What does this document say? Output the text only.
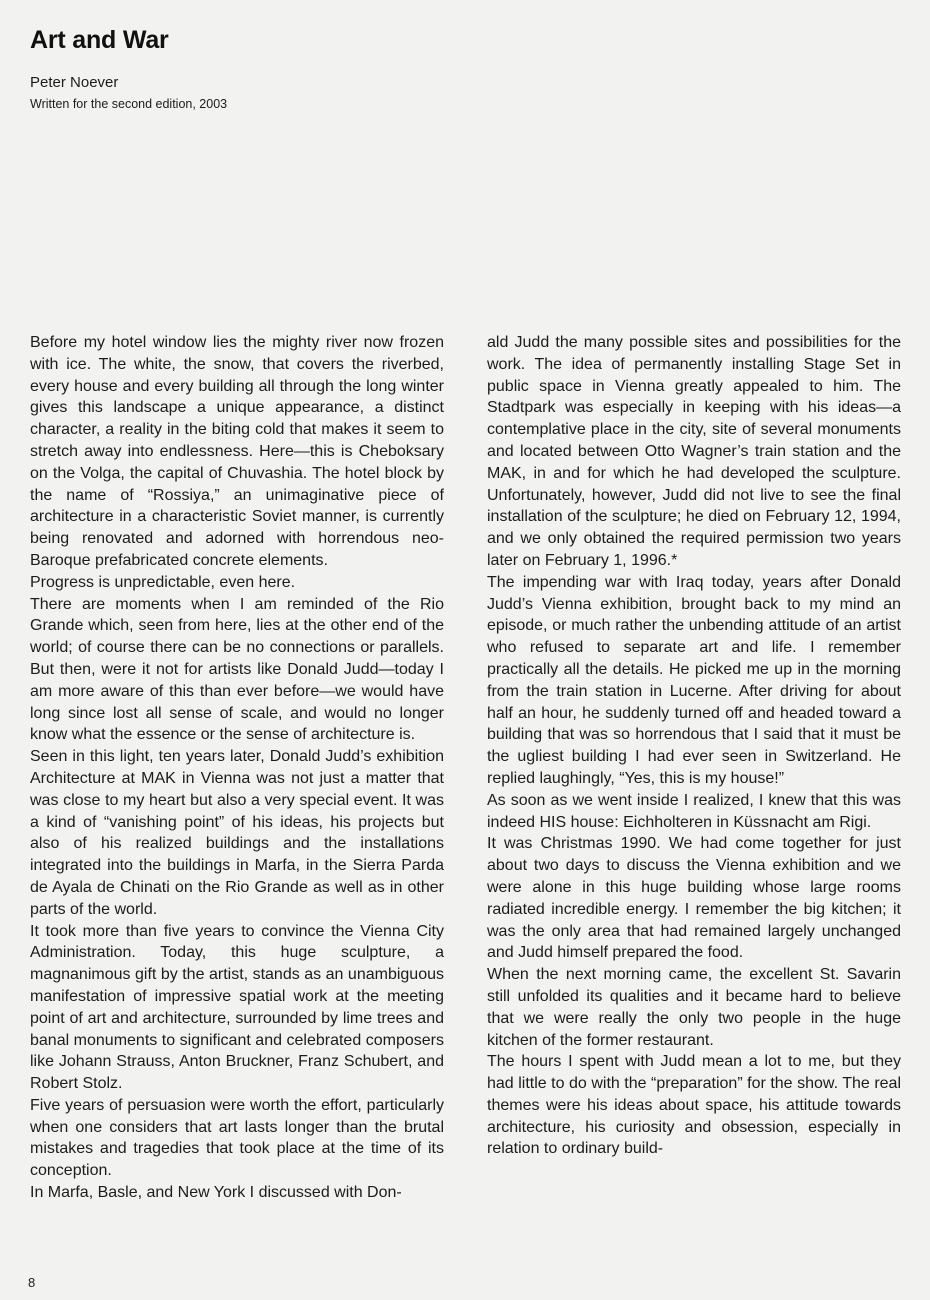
Art and War
Peter Noever
Written for the second edition, 2003

Before my hotel window lies the mighty river now frozen with ice. The white, the snow, that covers the riverbed, every house and every building all through the long winter gives this landscape a unique appearance, a distinct character, a reality in the biting cold that makes it seem to stretch away into endlessness. Here—this is Cheboksary on the Volga, the capital of Chuvashia. The hotel block by the name of “Rossiya,” an unimaginative piece of architecture in a characteristic Soviet manner, is currently being renovated and adorned with horrendous neo-Baroque prefabricated concrete elements.

Progress is unpredictable, even here.

There are moments when I am reminded of the Rio Grande which, seen from here, lies at the other end of the world; of course there can be no connections or parallels. But then, were it not for artists like Donald Judd—today I am more aware of this than ever before—we would have long since lost all sense of scale, and would no longer know what the essence or the sense of architecture is.

Seen in this light, ten years later, Donald Judd’s exhibition Architecture at MAK in Vienna was not just a matter that was close to my heart but also a very special event. It was a kind of “vanishing point” of his ideas, his projects but also of his realized buildings and the installations integrated into the buildings in Marfa, in the Sierra Parda de Ayala de Chinati on the Rio Grande as well as in other parts of the world.

It took more than five years to convince the Vienna City Administration. Today, this huge sculpture, a magnanimous gift by the artist, stands as an unambiguous manifestation of impressive spatial work at the meeting point of art and architecture, surrounded by lime trees and banal monuments to significant and celebrated composers like Johann Strauss, Anton Bruckner, Franz Schubert, and Robert Stolz.

Five years of persuasion were worth the effort, particularly when one considers that art lasts longer than the brutal mistakes and tragedies that took place at the time of its conception.

In Marfa, Basle, and New York I discussed with Don-

ald Judd the many possible sites and possibilities for the work. The idea of permanently installing Stage Set in public space in Vienna greatly appealed to him. The Stadtpark was especially in keeping with his ideas—a contemplative place in the city, site of several monuments and located between Otto Wagner’s train station and the MAK, in and for which he had developed the sculpture. Unfortunately, however, Judd did not live to see the final installation of the sculpture; he died on February 12, 1994, and we only obtained the required permission two years later on February 1, 1996.*

The impending war with Iraq today, years after Donald Judd’s Vienna exhibition, brought back to my mind an episode, or much rather the unbending attitude of an artist who refused to separate art and life. I remember practically all the details. He picked me up in the morning from the train station in Lucerne. After driving for about half an hour, he suddenly turned off and headed toward a building that was so horrendous that I said that it must be the ugliest building I had ever seen in Switzerland. He replied laughingly, “Yes, this is my house!”

As soon as we went inside I realized, I knew that this was indeed HIS house: Eichholteren in Küssnacht am Rigi.

It was Christmas 1990. We had come together for just about two days to discuss the Vienna exhibition and we were alone in this huge building whose large rooms radiated incredible energy. I remember the big kitchen; it was the only area that had remained largely unchanged and Judd himself prepared the food.

When the next morning came, the excellent St. Savarin still unfolded its qualities and it became hard to believe that we were really the only two people in the huge kitchen of the former restaurant.

The hours I spent with Judd mean a lot to me, but they had little to do with the “preparation” for the show. The real themes were his ideas about space, his attitude towards architecture, his curiosity and obsession, especially in relation to ordinary build-

8
